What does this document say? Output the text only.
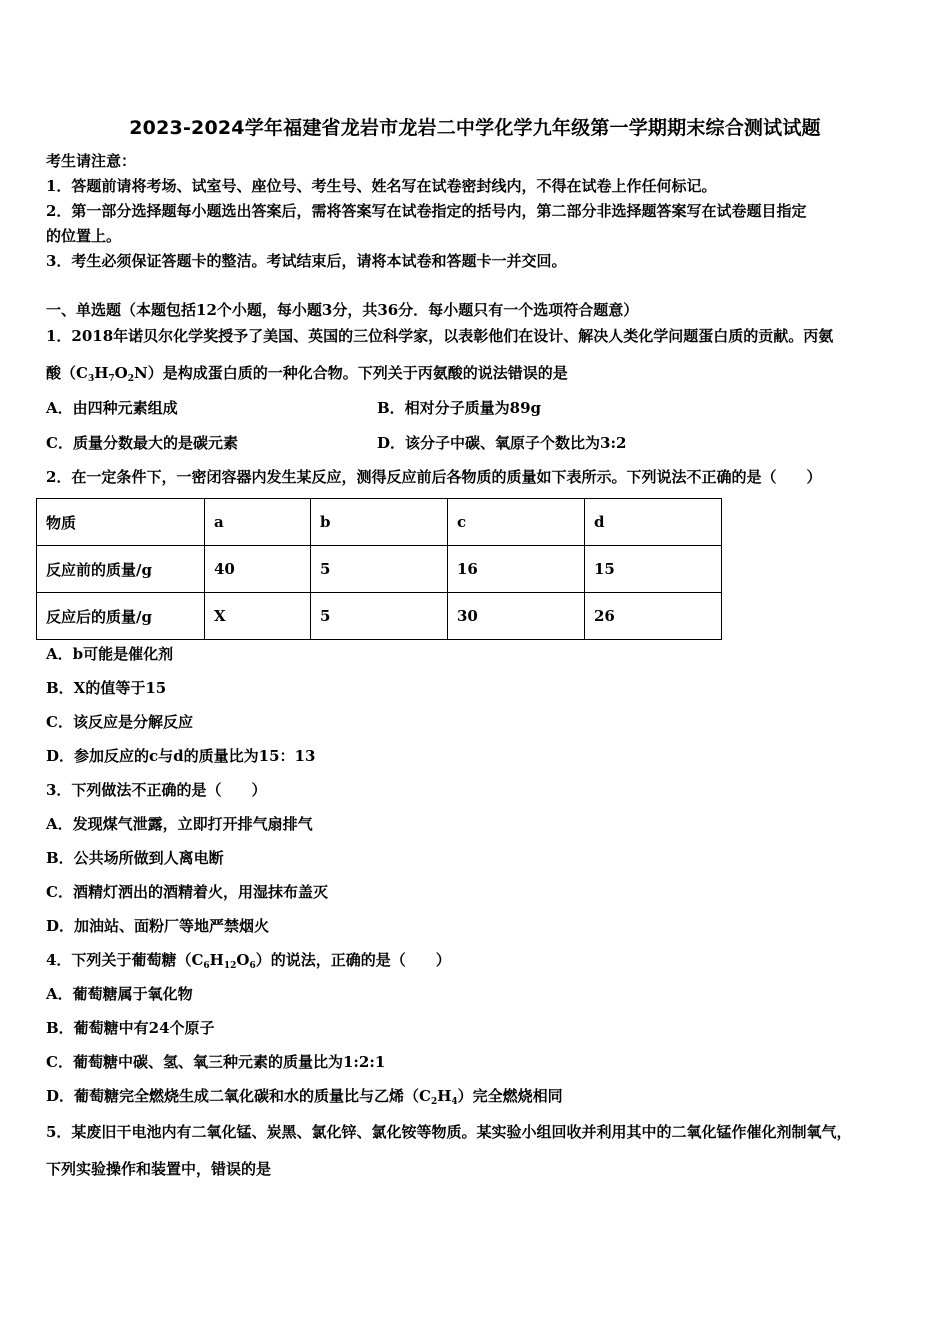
2023-2024学年福建省龙岩市龙岩二中学化学九年级第一学期期末综合测试试题
考生请注意：
1．答题前请将考场、试室号、座位号、考生号、姓名写在试卷密封线内，不得在试卷上作任何标记。
2．第一部分选择题每小题选出答案后，需将答案写在试卷指定的括号内，第二部分非选择题答案写在试卷题目指定
的位置上。
3．考生必须保证答题卡的整洁。考试结束后，请将本试卷和答题卡一并交回。
一、单选题（本题包括12个小题，每小题3分，共36分．每小题只有一个选项符合题意）
1．2018年诺贝尔化学奖授予了美国、英国的三位科学家，以表彰他们在设计、解决人类化学问题蛋白质的贡献。丙氨
酸$(C_3H_7O_2N)$是构成蛋白质的一种化合物。下列关于丙氨酸的说法错误的是
A．由四种元素组成	B．相对分子质量为89g
C．质量分数最大的是碳元素	D．该分子中碳、氧原子个数比为3:2
2．在一定条件下，一密闭容器内发生某反应，测得反应前后各物质的质量如下表所示。下列说法不正确的是（　　）
物质	a	b	c	d
反应前的质量/g	40	5	16	15
反应后的质量/g	X	5	30	26
A．b可能是催化剂
B．X的值等于15
C．该反应是分解反应
D．参加反应的c与d的质量比为15：13
3．下列做法不正确的是（　　）
A．发现煤气泄露，立即打开排气扇排气
B．公共场所做到人离电断
C．酒精灯洒出的酒精着火，用湿抹布盖灭
D．加油站、面粉厂等地严禁烟火
4．下列关于葡萄糖$(C_6H_{12}O_6)$的说法，正确的是（　　）
A．葡萄糖属于氧化物
B．葡萄糖中有24个原子
C．葡萄糖中碳、氢、氧三种元素的质量比为1:2:1
D．葡萄糖完全燃烧生成二氧化碳和水的质量比与乙烯$(C_2H_4)$完全燃烧相同
5．某废旧干电池内有二氧化锰、炭黑、氯化锌、氯化铵等物质。某实验小组回收并利用其中的二氧化锰作催化剂制氧气，
下列实验操作和装置中，错误的是
